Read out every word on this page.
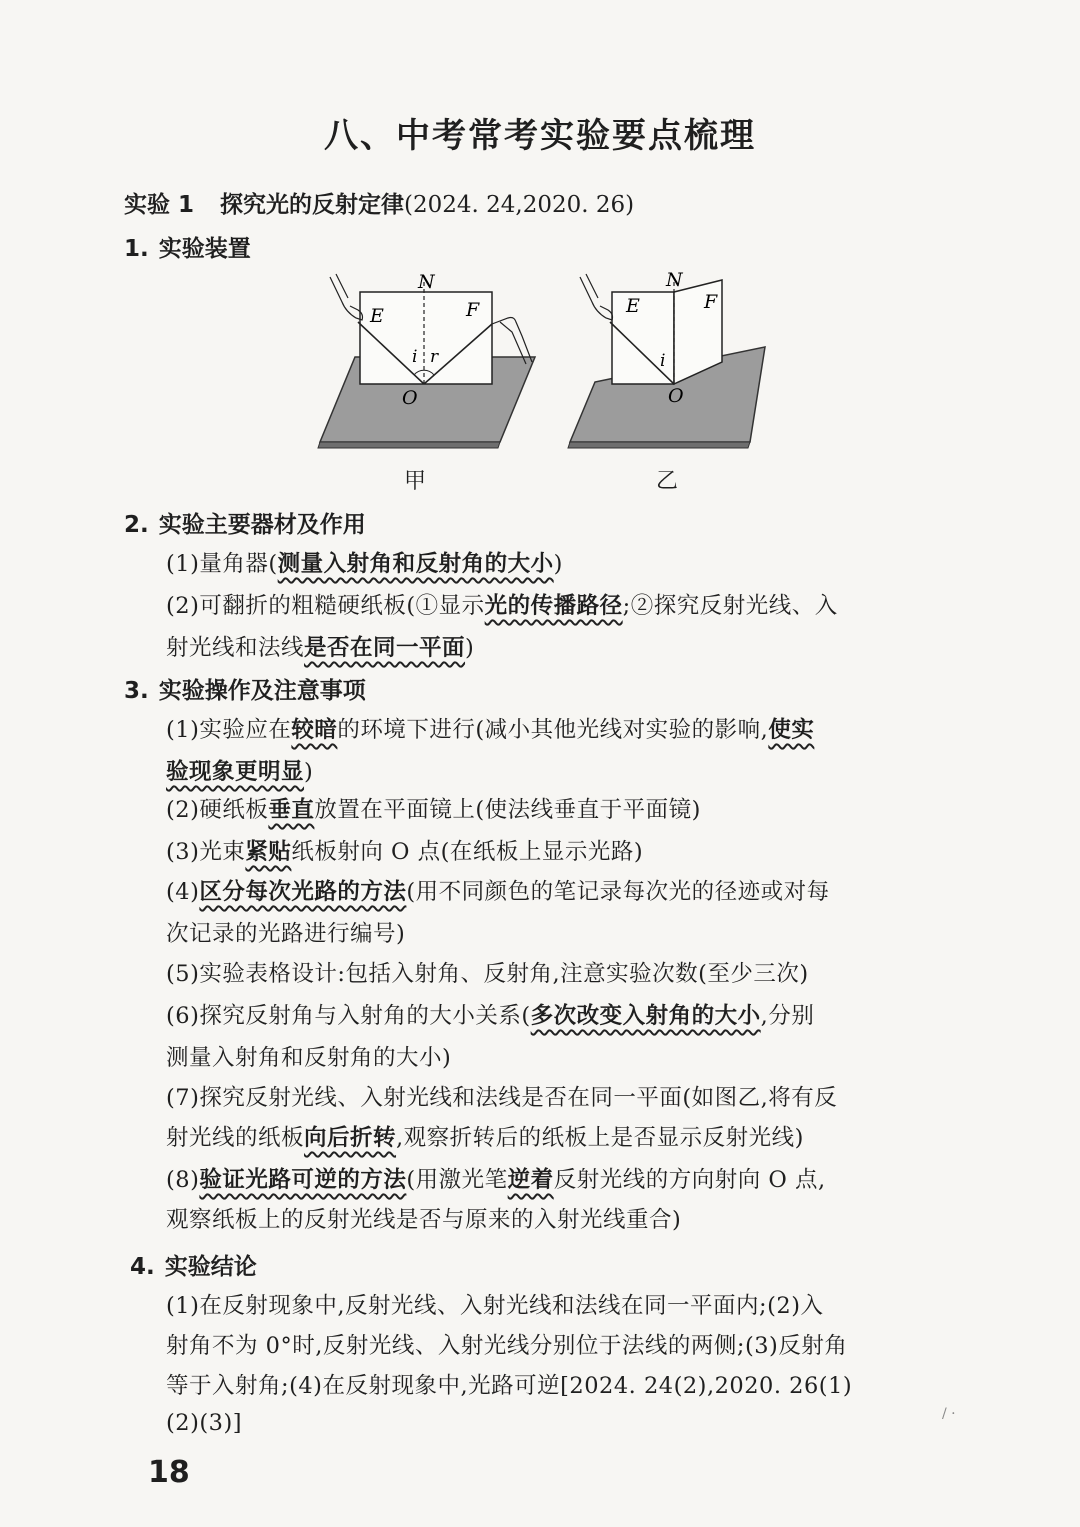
八、中考常考实验要点梳理
实验 1 探究光的反射定律(2024. 24,2020. 26)
1. 实验装置
N
E	F
i r
O
N
E	F
i
O
甲	乙
2. 实验主要器材及作用
(1)量角器(测量入射角和反射角的大小)
(2)可翻折的粗糙硬纸板(①显示光的传播路径;②探究反射光线、入
射光线和法线是否在同一平面)
3. 实验操作及注意事项
(1)实验应在较暗的环境下进行(减小其他光线对实验的影响,使实
验现象更明显)
(2)硬纸板垂直放置在平面镜上(使法线垂直于平面镜)
(3)光束紧贴纸板射向 O 点(在纸板上显示光路)
(4)区分每次光路的方法(用不同颜色的笔记录每次光的径迹或对每
次记录的光路进行编号)
(5)实验表格设计:包括入射角、反射角,注意实验次数(至少三次)
(6)探究反射角与入射角的大小关系(多次改变入射角的大小,分别
测量入射角和反射角的大小)
(7)探究反射光线、入射光线和法线是否在同一平面(如图乙,将有反
射光线的纸板向后折转,观察折转后的纸板上是否显示反射光线)
(8)验证光路可逆的方法(用激光笔逆着反射光线的方向射向 O 点,
观察纸板上的反射光线是否与原来的入射光线重合)
4. 实验结论
(1)在反射现象中,反射光线、入射光线和法线在同一平面内;(2)入
射角不为 0°时,反射光线、入射光线分别位于法线的两侧;(3)反射角
等于入射角;(4)在反射现象中,光路可逆[2024. 24(2),2020. 26(1)
(2)(3)]	/ ·
18
